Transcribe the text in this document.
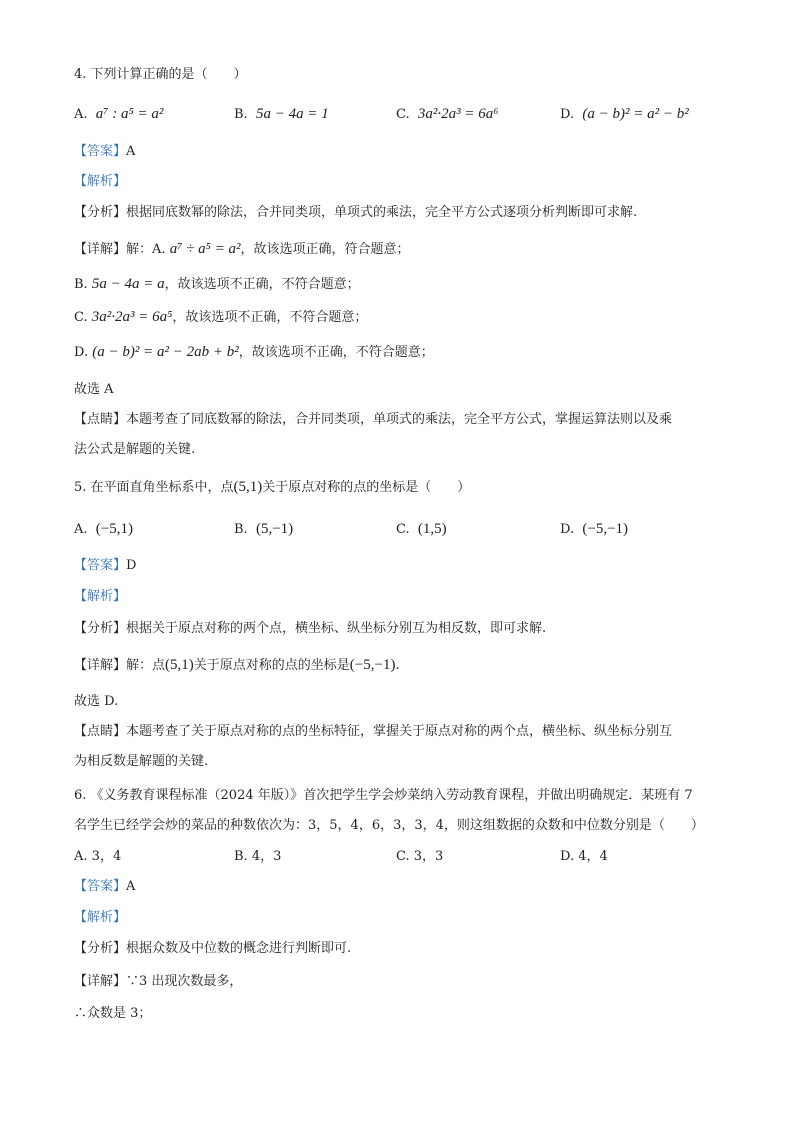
4. 下列计算正确的是（　　）
A. a⁷ : a⁵ = a²	B. 5a − 4a = 1	C. 3a²·2a³ = 6a⁶	D. (a − b)² = a² − b²
【答案】A
【解析】
【分析】根据同底数幂的除法，合并同类项，单项式的乘法，完全平方公式逐项分析判断即可求解.
【详解】解：A. a⁷ ÷ a⁵ = a²，故该选项正确，符合题意；
B. 5a − 4a = a，故该选项不正确，不符合题意；
C. 3a²·2a³ = 6a⁵，故该选项不正确，不符合题意；
D. (a − b)² = a² − 2ab + b²，故该选项不正确，不符合题意；
故选 A
【点睛】本题考查了同底数幂的除法，合并同类项，单项式的乘法，完全平方公式，掌握运算法则以及乘
法公式是解题的关键.
5. 在平面直角坐标系中，点(5,1)关于原点对称的点的坐标是（　　）
A. (−5,1)	B. (5,−1)	C. (1,5)	D. (−5,−1)
【答案】D
【解析】
【分析】根据关于原点对称的两个点，横坐标、纵坐标分别互为相反数，即可求解.
【详解】解：点(5,1)关于原点对称的点的坐标是(−5,−1).
故选 D.
【点睛】本题考查了关于原点对称的点的坐标特征，掌握关于原点对称的两个点，横坐标、纵坐标分别互
为相反数是解题的关键.
6. 《义务教育课程标准（2024 年版）》首次把学生学会炒菜纳入劳动教育课程，并做出明确规定．某班有 7
名学生已经学会炒的菜品的种数依次为：3，5，4，6，3，3，4，则这组数据的众数和中位数分别是（　　）
A. 3，4	B. 4，3	C. 3，3	D. 4，4
【答案】A
【解析】
【分析】根据众数及中位数的概念进行判断即可.
【详解】∵3 出现次数最多，
∴众数是 3；
